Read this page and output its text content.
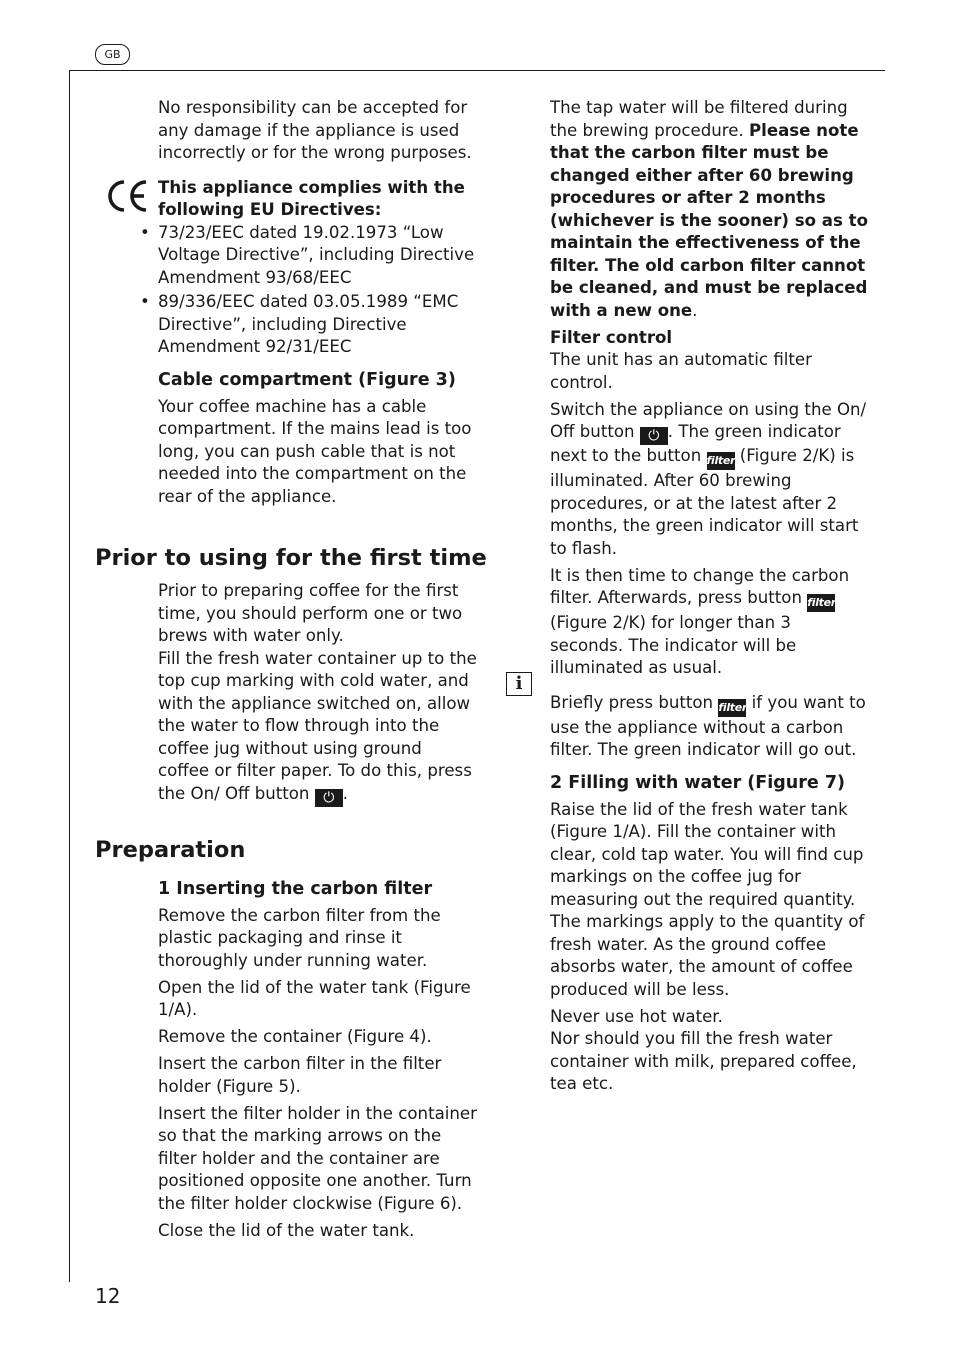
GB
12
i
Prior to using for the first time
Preparation

No responsibility can be accepted for any damage if the appliance is used incorrectly or for the wrong purposes.

This appliance complies with the following EU Directives:

• 73/23/EEC dated 19.02.1973 “Low Voltage Directive”, including Directive Amendment 93/68/EEC
• 89/336/EEC dated 03.05.1989 “EMC Directive”, including Directive Amendment 92/31/EEC

Cable compartment (Figure 3)

Your coffee machine has a cable compartment. If the mains lead is too long, you can push cable that is not needed into the compartment on the rear of the appliance.

Prior to preparing coffee for the first time, you should perform one or two brews with water only.

Fill the fresh water container up to the top cup marking with cold water, and with the appliance switched on, allow the water to flow through into the coffee jug without using ground coffee or filter paper. To do this, press the On/ Off button ⏻ .

1 Inserting the carbon filter

Remove the carbon filter from the plastic packaging and rinse it thoroughly under running water.

Open the lid of the water tank (Figure 1/A).

Remove the container (Figure 4).

Insert the carbon filter in the filter holder (Figure 5).

Insert the filter holder in the container so that the marking arrows on the filter holder and the container are positioned opposite one another. Turn the filter holder clockwise (Figure 6).

Close the lid of the water tank.

The tap water will be filtered during the brewing procedure. Please note that the carbon filter must be changed either after 60 brewing procedures or after 2 months (whichever is the sooner) so as to maintain the effectiveness of the filter. The old carbon filter cannot be cleaned, and must be replaced with a new one.

Filter control

The unit has an automatic filter control.

Switch the appliance on using the On/ Off button ⏻ . The green indicator next to the button filter (Figure 2/K) is illuminated. After 60 brewing procedures, or at the latest after 2 months, the green indicator will start to flash.

It is then time to change the carbon filter. Afterwards, press button filter (Figure 2/K) for longer than 3 seconds. The indicator will be illuminated as usual.

Briefly press button filter if you want to use the appliance without a carbon filter. The green indicator will go out.

2 Filling with water (Figure 7)

Raise the lid of the fresh water tank (Figure 1/A). Fill the container with clear, cold tap water. You will find cup markings on the coffee jug for measuring out the required quantity.

The markings apply to the quantity of fresh water. As the ground coffee absorbs water, the amount of coffee produced will be less.

Never use hot water.

Nor should you fill the fresh water container with milk, prepared coffee, tea etc.
